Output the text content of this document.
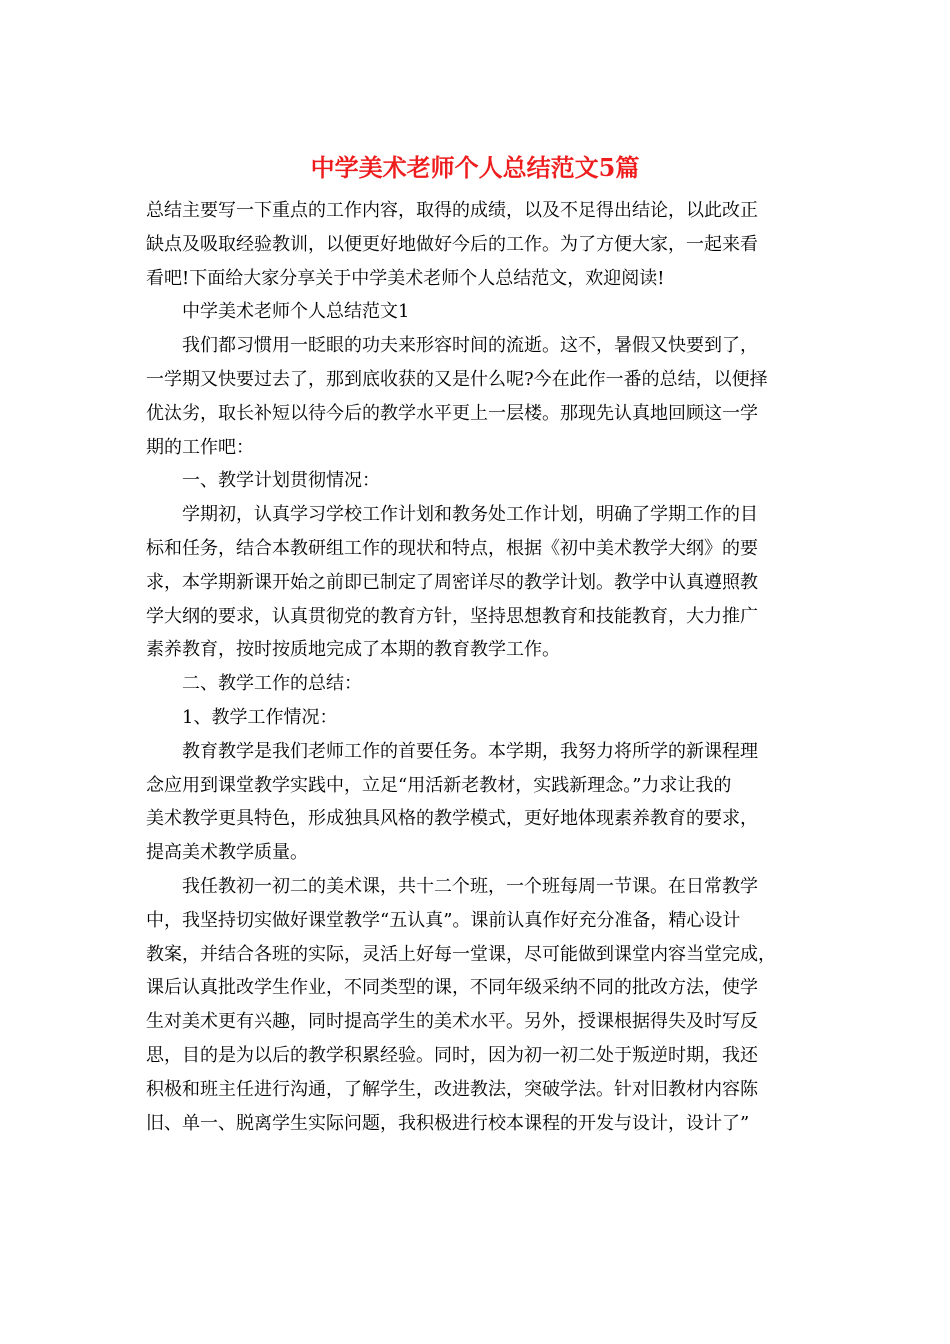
中学美术老师个人总结范文5篇
总结主要写一下重点的工作内容，取得的成绩，以及不足得出结论，以此改正
缺点及吸取经验教训，以便更好地做好今后的工作。为了方便大家，一起来看
看吧!下面给大家分享关于中学美术老师个人总结范文，欢迎阅读!
中学美术老师个人总结范文1
我们都习惯用一眨眼的功夫来形容时间的流逝。这不，暑假又快要到了，
一学期又快要过去了，那到底收获的又是什么呢?今在此作一番的总结，以便择
优汰劣，取长补短以待今后的教学水平更上一层楼。那现先认真地回顾这一学
期的工作吧：
一、教学计划贯彻情况：
学期初，认真学习学校工作计划和教务处工作计划，明确了学期工作的目
标和任务，结合本教研组工作的现状和特点，根据《初中美术教学大纲》的要
求，本学期新课开始之前即已制定了周密详尽的教学计划。教学中认真遵照教
学大纲的要求，认真贯彻党的教育方针，坚持思想教育和技能教育，大力推广
素养教育，按时按质地完成了本期的教育教学工作。
二、教学工作的总结：
1、教学工作情况：
教育教学是我们老师工作的首要任务。本学期，我努力将所学的新课程理
念应用到课堂教学实践中，立足“用活新老教材，实践新理念。”力求让我的
美术教学更具特色，形成独具风格的教学模式，更好地体现素养教育的要求，
提高美术教学质量。
我任教初一初二的美术课，共十二个班，一个班每周一节课。在日常教学
中，我坚持切实做好课堂教学“五认真”。课前认真作好充分准备，精心设计
教案，并结合各班的实际，灵活上好每一堂课，尽可能做到课堂内容当堂完成，
课后认真批改学生作业，不同类型的课，不同年级采纳不同的批改方法，使学
生对美术更有兴趣，同时提高学生的美术水平。另外，授课根据得失及时写反
思，目的是为以后的教学积累经验。同时，因为初一初二处于叛逆时期，我还
积极和班主任进行沟通，了解学生，改进教法，突破学法。针对旧教材内容陈
旧、单一、脱离学生实际问题，我积极进行校本课程的开发与设计，设计了”
